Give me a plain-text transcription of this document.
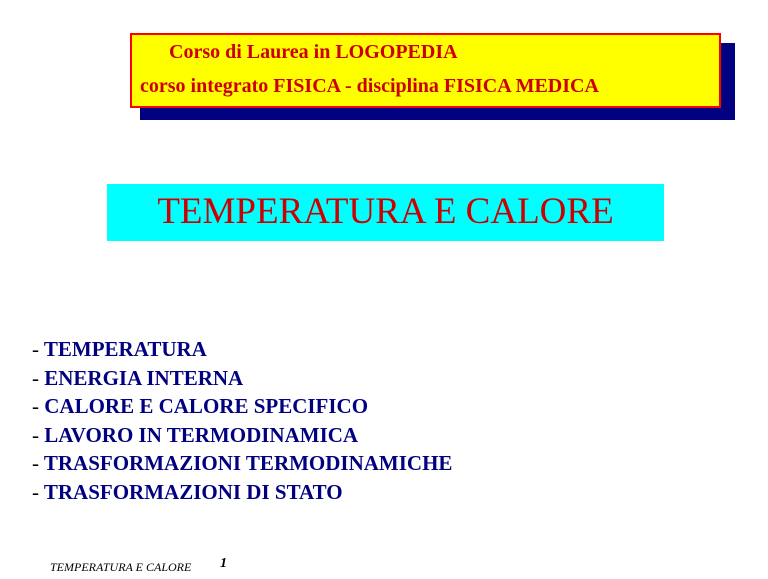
Corso di Laurea in LOGOPEDIA
corso integrato FISICA - disciplina FISICA MEDICA
TEMPERATURA E CALORE
- TEMPERATURA
- ENERGIA INTERNA
- CALORE E CALORE SPECIFICO
- LAVORO IN TERMODINAMICA
- TRASFORMAZIONI TERMODINAMICHE
- TRASFORMAZIONI DI STATO
TEMPERATURA E CALORE 1
